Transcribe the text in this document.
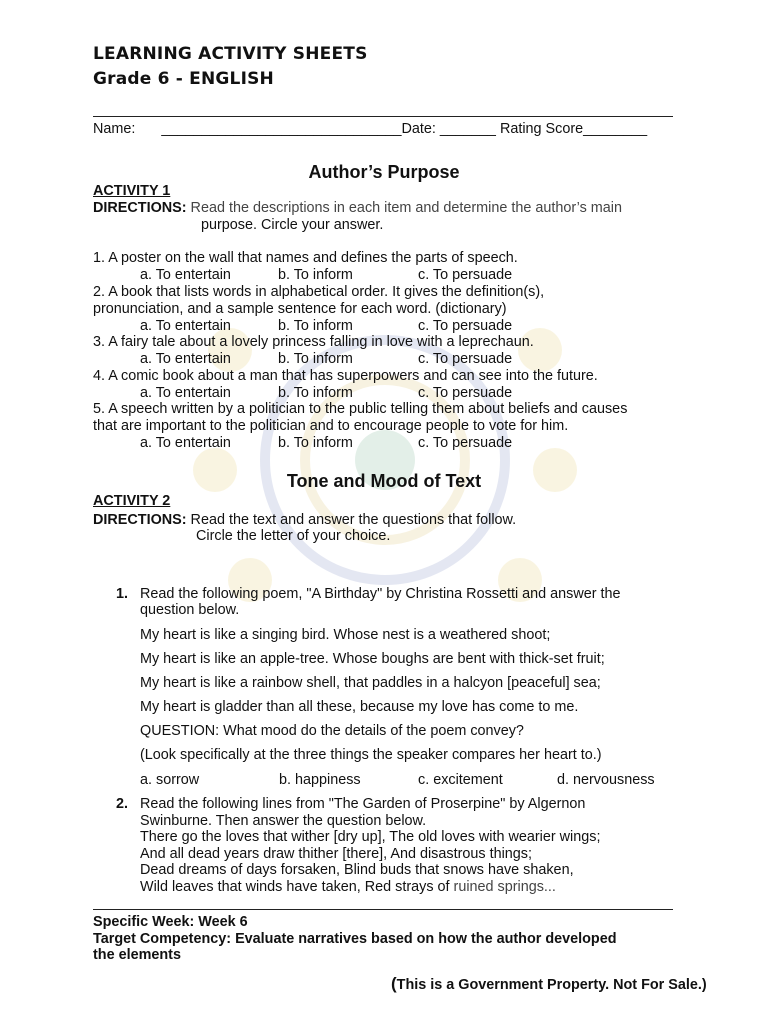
LEARNING ACTIVITY SHEETS
Grade 6 - ENGLISH
Name: ______________________________Date: _______ Rating Score________
Author’s Purpose
ACTIVITY 1
DIRECTIONS: Read the descriptions in each item and determine the author’s main
purpose. Circle your answer.
1. A poster on the wall that names and defines the parts of speech.
a. To entertain	b. To inform	c. To persuade
2. A book that lists words in alphabetical order. It gives the definition(s),
pronunciation, and a sample sentence for each word. (dictionary)
a. To entertain	b. To inform	c. To persuade
3. A fairy tale about a lovely princess falling in love with a leprechaun.
a. To entertain	b. To inform	c. To persuade
4. A comic book about a man that has superpowers and can see into the future.
a. To entertain	b. To inform	c. To persuade
5. A speech written by a politician to the public telling them about beliefs and causes
that are important to the politician and to encourage people to vote for him.
a. To entertain	b. To inform	c. To persuade
Tone and Mood of Text
ACTIVITY 2
DIRECTIONS: Read the text and answer the questions that follow.
Circle the letter of your choice.
1. Read the following poem, "A Birthday" by Christina Rossetti and answer the
question below.
My heart is like a singing bird. Whose nest is a weathered shoot;
My heart is like an apple-tree. Whose boughs are bent with thick-set fruit;
My heart is like a rainbow shell, that paddles in a halcyon [peaceful] sea;
My heart is gladder than all these, because my love has come to me.
QUESTION: What mood do the details of the poem convey?
(Look specifically at the three things the speaker compares her heart to.)
a. sorrow	b. happiness	c. excitement	d. nervousness
2. Read the following lines from "The Garden of Proserpine" by Algernon
Swinburne. Then answer the question below.
There go the loves that wither [dry up], The old loves with wearier wings;
And all dead years draw thither [there], And disastrous things;
Dead dreams of days forsaken, Blind buds that snows have shaken,
Wild leaves that winds have taken, Red strays of ruined springs...
Specific Week: Week 6
Target Competency: Evaluate narratives based on how the author developed
the elements
(This is a Government Property. Not For Sale.)
